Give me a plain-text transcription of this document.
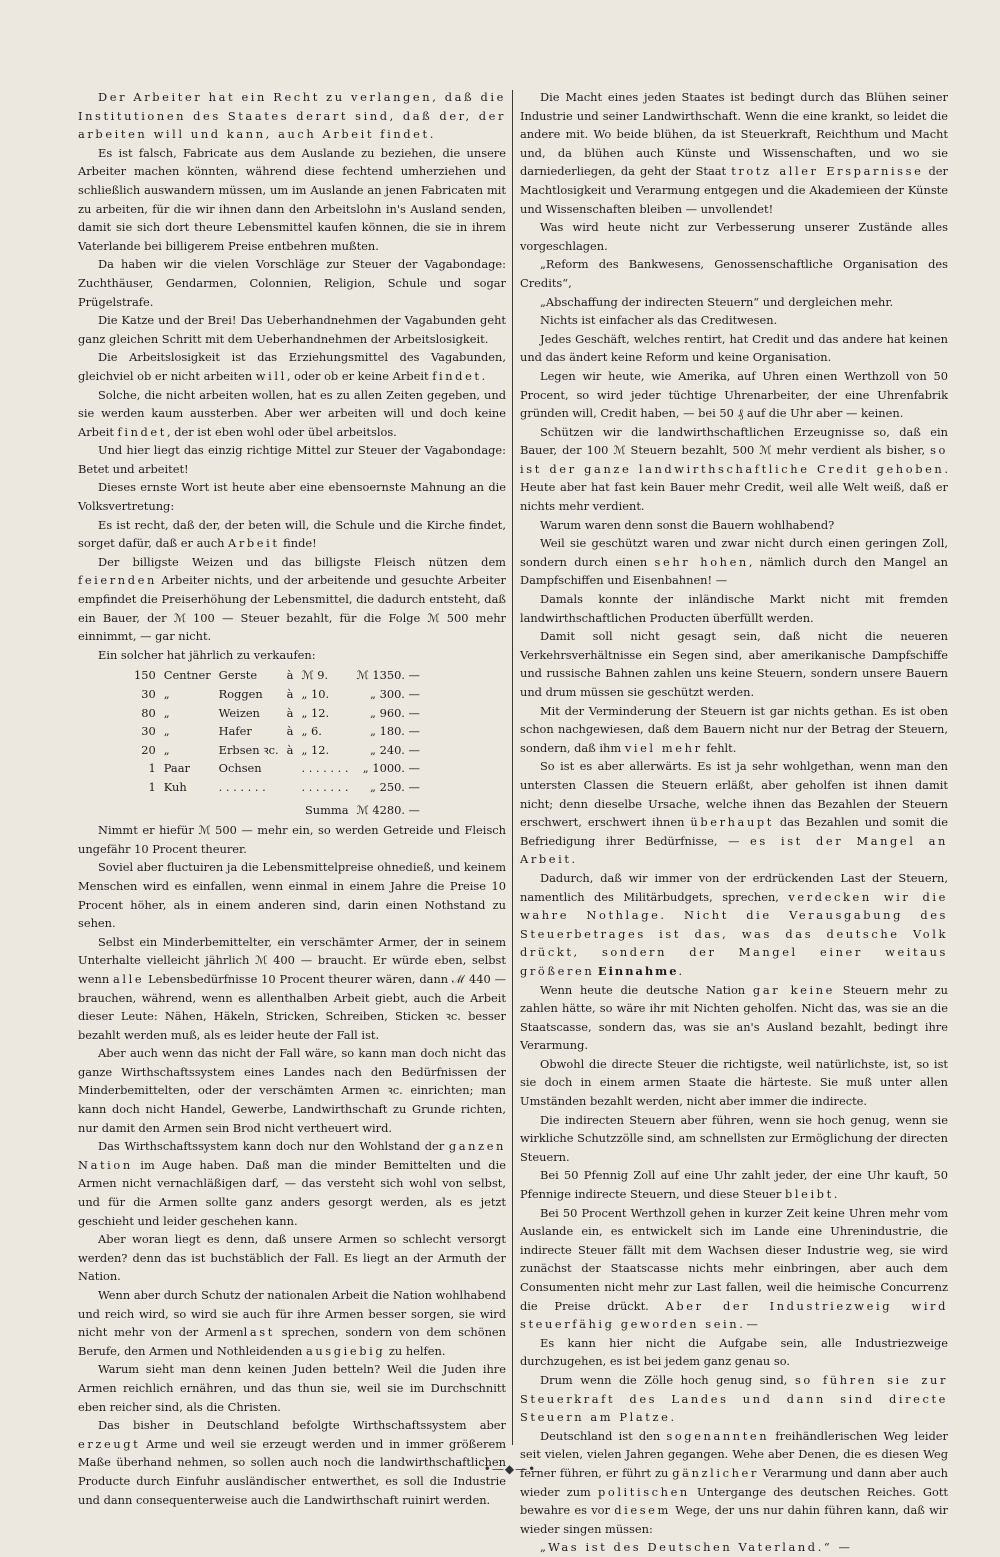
Der Arbeiter hat ein Recht zu verlangen, daß die Institutionen des Staates derart sind, daß der, der arbeiten will und kann, auch Arbeit findet.

Es ist falsch, Fabricate aus dem Auslande zu beziehen, die unsere Arbeiter machen könnten, während diese fechtend umherziehen und schließlich auswandern müssen, um im Auslande an jenen Fabricaten mit zu arbeiten, für die wir ihnen dann den Arbeitslohn in's Ausland senden, damit sie sich dort theure Lebensmittel kaufen können, die sie in ihrem Vaterlande bei billigerem Preise entbehren mußten.

Da haben wir die vielen Vorschläge zur Steuer der Vagabondage: Zuchthäuser, Gendarmen, Colonnien, Religion, Schule und sogar Prügelstrafe.

Die Katze und der Brei! Das Ueberhandnehmen der Vagabunden geht ganz gleichen Schritt mit dem Ueberhandnehmen der Arbeitslosigkeit.

Die Arbeitslosigkeit ist das Erziehungsmittel des Vagabunden, gleichviel ob er nicht arbeiten will, oder ob er keine Arbeit findet.

Solche, die nicht arbeiten wollen, hat es zu allen Zeiten gegeben, und sie werden kaum aussterben. Aber wer arbeiten will und doch keine Arbeit findet, der ist eben wohl oder übel arbeitslos.

Und hier liegt das einzig richtige Mittel zur Steuer der Vagabondage: Betet und arbeitet!

Dieses ernste Wort ist heute aber eine ebensoernste Mahnung an die Volksvertretung:

Es ist recht, daß der, der beten will, die Schule und die Kirche findet, sorget dafür, daß er auch Arbeit finde!

Der billigste Weizen und das billigste Fleisch nützen dem feiernden Arbeiter nichts, und der arbeitende und gesuchte Arbeiter empfindet die Preiserhöhung der Lebensmittel, die dadurch entsteht, daß ein Bauer, der ℳ 100 — Steuer bezahlt, für die Folge ℳ 500 mehr einnimmt, — gar nicht.

Ein solcher hat jährlich zu verkaufen:

150	Centner	Gerste	à	ℳ 9.	ℳ 1350. —
30	„	Roggen	à	„ 10.	„ 300. —
80	„	Weizen	à	„ 12.	„ 960. —
30	„	Hafer	à	„ 6.	„ 180. —
20	„	Erbsen ꝛc.	à	„ 12.	„ 240. —
1	Paar	Ochsen		. . . . . . .	„ 1000. —
1	Kuh	. . . . . . .		. . . . . . .	„ 250. —
				Summa	ℳ 4280. —

Nimmt er hiefür ℳ 500 — mehr ein, so werden Getreide und Fleisch ungefähr 10 Procent theurer.

Soviel aber fluctuiren ja die Lebensmittelpreise ohnedieß, und keinem Menschen wird es einfallen, wenn einmal in einem Jahre die Preise 10 Procent höher, als in einem anderen sind, darin einen Nothstand zu sehen.

Selbst ein Minderbemittelter, ein verschämter Armer, der in seinem Unterhalte vielleicht jährlich ℳ 400 — braucht. Er würde eben, selbst wenn alle Lebensbedürfnisse 10 Procent theurer wären, dann ℳ 440 — brauchen, während, wenn es allenthalben Arbeit giebt, auch die Arbeit dieser Leute: Nähen, Häkeln, Stricken, Schreiben, Sticken ꝛc. besser bezahlt werden muß, als es leider heute der Fall ist.

Aber auch wenn das nicht der Fall wäre, so kann man doch nicht das ganze Wirthschaftssystem eines Landes nach den Bedürfnissen der Minderbemittelten, oder der verschämten Armen ꝛc. einrichten; man kann doch nicht Handel, Gewerbe, Landwirthschaft zu Grunde richten, nur damit den Armen sein Brod nicht vertheuert wird.

Das Wirthschaftssystem kann doch nur den Wohlstand der ganzen Nation im Auge haben. Daß man die minder Bemittelten und die Armen nicht vernachläßigen darf, — das versteht sich wohl von selbst, und für die Armen sollte ganz anders gesorgt werden, als es jetzt geschieht und leider geschehen kann.

Aber woran liegt es denn, daß unsere Armen so schlecht versorgt werden? denn das ist buchstäblich der Fall. Es liegt an der Armuth der Nation.

Wenn aber durch Schutz der nationalen Arbeit die Nation wohlhabend und reich wird, so wird sie auch für ihre Armen besser sorgen, sie wird nicht mehr von der Armenlast sprechen, sondern von dem schönen Berufe, den Armen und Nothleidenden ausgiebig zu helfen.

Warum sieht man denn keinen Juden betteln? Weil die Juden ihre Armen reichlich ernähren, und das thun sie, weil sie im Durchschnitt eben reicher sind, als die Christen.

Das bisher in Deutschland befolgte Wirthschaftssystem aber erzeugt Arme und weil sie erzeugt werden und in immer größerem Maße überhand nehmen, so sollen auch noch die landwirthschaftlichen Producte durch Einfuhr ausländischer entwerthet, es soll die Industrie und dann consequenterweise auch die Landwirthschaft ruinirt werden.

Die Macht eines jeden Staates ist bedingt durch das Blühen seiner Industrie und seiner Landwirthschaft. Wenn die eine krankt, so leidet die andere mit. Wo beide blühen, da ist Steuerkraft, Reichthum und Macht und, da blühen auch Künste und Wissenschaften, und wo sie darniederliegen, da geht der Staat trotz aller Ersparnisse der Machtlosigkeit und Verarmung entgegen und die Akademieen der Künste und Wissenschaften bleiben — unvollendet!

Was wird heute nicht zur Verbesserung unserer Zustände alles vorgeschlagen.

„Reform des Bankwesens, Genossenschaftliche Organisation des Credits“,

„Abschaffung der indirecten Steuern“ und dergleichen mehr.

Nichts ist einfacher als das Creditwesen.

Jedes Geschäft, welches rentirt, hat Credit und das andere hat keinen und das ändert keine Reform und keine Organisation.

Legen wir heute, wie Amerika, auf Uhren einen Werthzoll von 50 Procent, so wird jeder tüchtige Uhrenarbeiter, der eine Uhrenfabrik gründen will, Credit haben, — bei 50 ₰ auf die Uhr aber — keinen.

Schützen wir die landwirthschaftlichen Erzeugnisse so, daß ein Bauer, der 100 ℳ Steuern bezahlt, 500 ℳ mehr verdient als bisher, so ist der ganze landwirthschaftliche Credit gehoben. Heute aber hat fast kein Bauer mehr Credit, weil alle Welt weiß, daß er nichts mehr verdient.

Warum waren denn sonst die Bauern wohlhabend?

Weil sie geschützt waren und zwar nicht durch einen geringen Zoll, sondern durch einen sehr hohen, nämlich durch den Mangel an Dampfschiffen und Eisenbahnen! —

Damals konnte der inländische Markt nicht mit fremden landwirthschaftlichen Producten überfüllt werden.

Damit soll nicht gesagt sein, daß nicht die neueren Verkehrsverhältnisse ein Segen sind, aber amerikanische Dampfschiffe und russische Bahnen zahlen uns keine Steuern, sondern unsere Bauern und drum müssen sie geschützt werden.

Mit der Verminderung der Steuern ist gar nichts gethan. Es ist oben schon nachgewiesen, daß dem Bauern nicht nur der Betrag der Steuern, sondern, daß ihm viel mehr fehlt.

So ist es aber allerwärts. Es ist ja sehr wohlgethan, wenn man den untersten Classen die Steuern erläßt, aber geholfen ist ihnen damit nicht; denn dieselbe Ursache, welche ihnen das Bezahlen der Steuern erschwert, erschwert ihnen überhaupt das Bezahlen und somit die Befriedigung ihrer Bedürfnisse, — es ist der Mangel an Arbeit.

Dadurch, daß wir immer von der erdrückenden Last der Steuern, namentlich des Militärbudgets, sprechen, verdecken wir die wahre Nothlage. Nicht die Verausgabung des Steuerbetrages ist das, was das deutsche Volk drückt, sondern der Mangel einer weitaus größeren Einnahme.

Wenn heute die deutsche Nation gar keine Steuern mehr zu zahlen hätte, so wäre ihr mit Nichten geholfen. Nicht das, was sie an die Staatscasse, sondern das, was sie an's Ausland bezahlt, bedingt ihre Verarmung.

Obwohl die directe Steuer die richtigste, weil natürlichste, ist, so ist sie doch in einem armen Staate die härteste. Sie muß unter allen Umständen bezahlt werden, nicht aber immer die indirecte.

Die indirecten Steuern aber führen, wenn sie hoch genug, wenn sie wirkliche Schutzzölle sind, am schnellsten zur Ermöglichung der directen Steuern.

Bei 50 Pfennig Zoll auf eine Uhr zahlt jeder, der eine Uhr kauft, 50 Pfennige indirecte Steuern, und diese Steuer bleibt.

Bei 50 Procent Werthzoll gehen in kurzer Zeit keine Uhren mehr vom Auslande ein, es entwickelt sich im Lande eine Uhrenindustrie, die indirecte Steuer fällt mit dem Wachsen dieser Industrie weg, sie wird zunächst der Staatscasse nichts mehr einbringen, aber auch dem Consumenten nicht mehr zur Last fallen, weil die heimische Concurrenz die Preise drückt. Aber der Industriezweig wird steuerfähig geworden sein. —

Es kann hier nicht die Aufgabe sein, alle Industriezweige durchzugehen, es ist bei jedem ganz genau so.

Drum wenn die Zölle hoch genug sind, so führen sie zur Steuerkraft des Landes und dann sind directe Steuern am Platze.

Deutschland ist den sogenannten freihändlerischen Weg leider seit vielen, vielen Jahren gegangen. Wehe aber Denen, die es diesen Weg ferner führen, er führt zu gänzlicher Verarmung und dann aber auch wieder zum politischen Untergange des deutschen Reiches. Gott bewahre es vor diesem Wege, der uns nur dahin führen kann, daß wir wieder singen müssen:

„Was ist des Deutschen Vaterland.“ —

•—◆—•
